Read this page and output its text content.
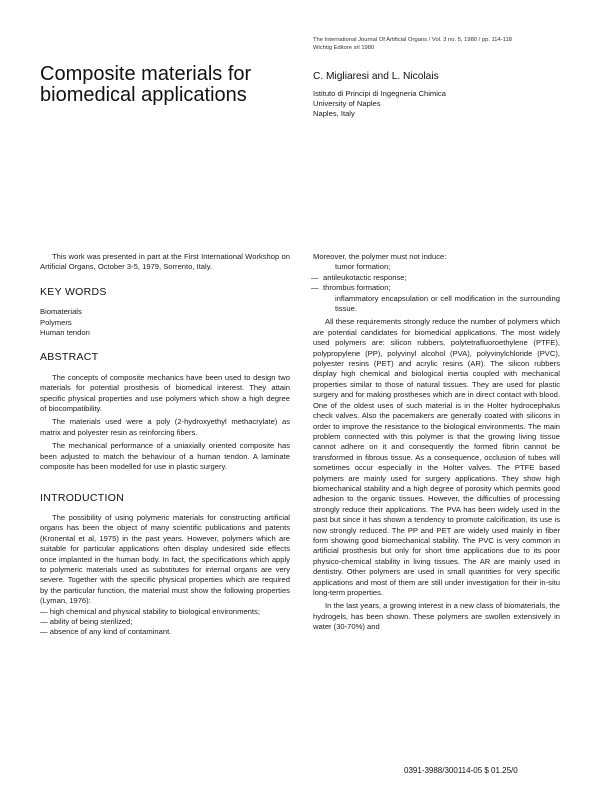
The International Journal Of Artificial Organs / Vol. 3 no. 5, 1980 / pp. 114-118
Wichtig Editore srl 1980
Composite materials for biomedical applications
C. Migliaresi and L. Nicolais
Istituto di Principi di Ingegneria Chimica
University of Naples
Naples, Italy

This work was presented in part at the First International Workshop on Artificial Organs, October 3-5, 1979, Sorrento, Italy.

KEY WORDS
Biomaterials
Polymers
Human tendon
ABSTRACT

The concepts of composite mechanics have been used to design two materials for potential prosthesis of biomedical interest. They attain specific physical properties and use polymers which show a high degree of biocompatibility.

The materials used were a poly (2-hydroxyethyl methacrylate) as matrix and polyester resin as reinforcing fibers.

The mechanical performance of a uniaxially oriented composite has been adjusted to match the behaviour of a human tendon. A laminate composite has been modelled for use in plastic surgery.

INTRODUCTION

The possibility of using polymeric materials for constructing artificial organs has been the object of many scientific publications and patents (Kronental et al, 1975) in the past years. However, polymers which are suitable for particular applications often display undesired side effects once implanted in the human body. In fact, the specifications which apply to polymeric materials used as substitutes for internal organs are very severe. Together with the specific physical properties which are required by the particular function, the material must show the following properties (Lyman, 1976):

— high chemical and physical stability to biological environments;
— ability of being sterilized;
— absence of any kind of contaminant.

Moreover, the polymer must not induce:

tumor formation;
— antileukotactic response;
— thrombus formation;
inflammatory encapsulation or cell modification in the surrounding tissue.

All these requirements strongly reduce the number of polymers which are potential candidates for biomedical applications. The most widely used polymers are: silicon rubbers, polytetrafluoroethylene (PTFE), polypropylene (PP), polyvinyl alcohol (PVA), polyvinylchloride (PVC), polyester resins (PET) and acrylic resins (AR). The silicon rubbers display high chemical and biological inertia coupled with mechanical properties similar to those of natural tissues. They are used for plastic surgery and for making prostheses which are in direct contact with blood. One of the oldest uses of such material is in the Holter hydrocephalus check valves. Also the pacemakers are generally coated with silicons in order to improve the resistance to the biological environments. The main problem connected with this polymer is that the growing living tissue cannot adhere on it and consequently the formed fibrin cannot be transformed in fibrous tissue. As a consequence, occlusion of tubes will sometimes occur especially in the Holter valves. The PTFE based polymers are mainly used for surgery applications. They show high biomechanical stability and a high degree of porosity which permits good adhesion to the organic tissues. However, the difficulties of processing strongly reduce their applications. The PVA has been widely used in the past but since it has shown a tendency to promote calcification, its use is now strongly reduced. The PP and PET are widely used mainly in fiber form showing good biomechanical stability. The PVC is very common in artificial prosthesis but only for short time applications due to its poor physico-chemical stability in living tissues. The AR are mainly used in dentistry. Other polymers are used in small quantities for very specific applications and most of them are still under investigation for their in-situ long-term properties.

In the last years, a growing interest in a new class of biomaterials, the hydrogels, has been shown. These polymers are swollen extensively in water (30-70%) and

0391-3988/300114-05 $ 01.25/0
